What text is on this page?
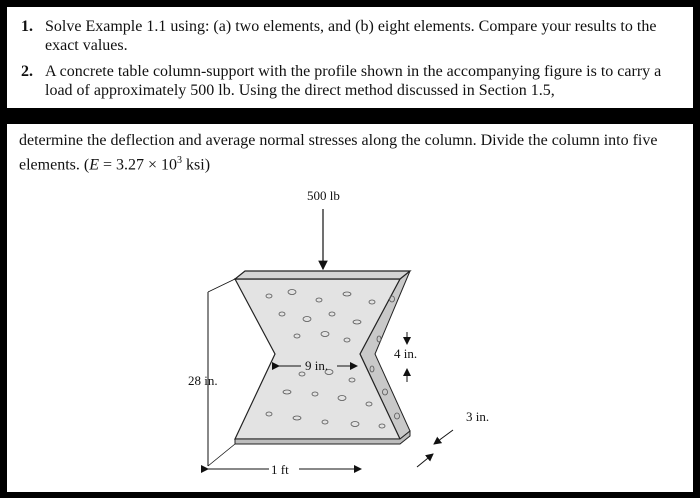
1. Solve Example 1.1 using: (a) two elements, and (b) eight elements. Compare your results to the exact values.
2. A concrete table column-support with the profile shown in the accompanying figure is to carry a load of approximately 500 lb. Using the direct method discussed in Section 1.5,
determine the deflection and average normal stresses along the column. Divide the column into five elements. ($E = 3.27 \times 10^3$ ksi)
500 lb
28 in.
9 in.
4 in.
3 in.
1 ft
